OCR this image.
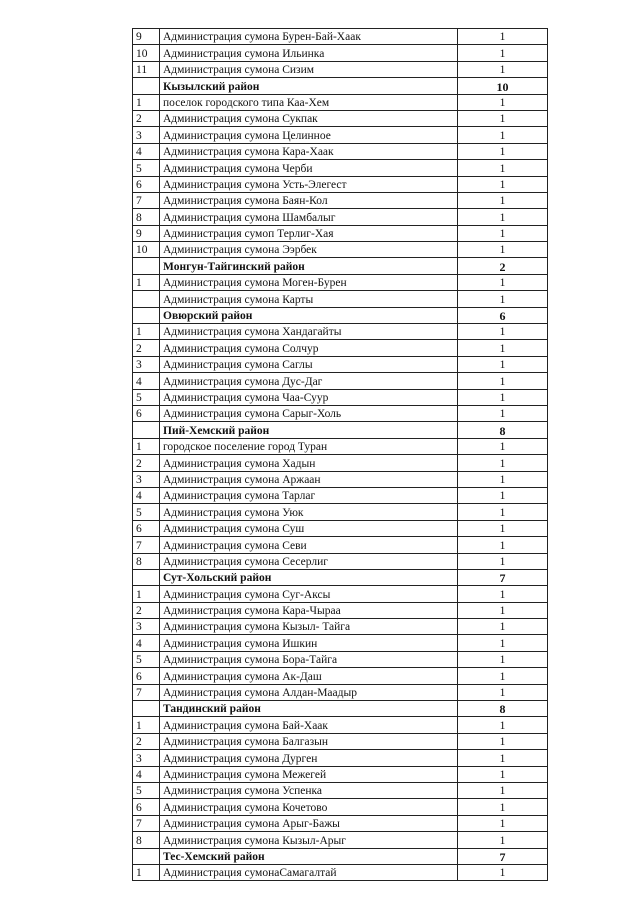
9	Администрация сумона Бурен-Бай-Хаак	1
10	Администрация сумона Ильинка	1
11	Администрация сумона Сизим	1
	Кызылский район	10
1	поселок городского типа Каа-Хем	1
2	Администрация сумона Сукпак	1
3	Администрация сумона Целинное	1
4	Администрация сумона Кара-Хаак	1
5	Администрация сумона Черби	1
6	Администрация сумона Усть-Элегест	1
7	Администрация сумона Баян-Кол	1
8	Администрация сумона Шамбалыг	1
9	Администрация сумоп Терлиг-Хая	1
10	Администрация сумона Ээрбек	1
	Монгун-Тайгинский район	2
1	Администрация сумона Моген-Бурен	1
	Администрация сумона Карты	1
	Овюрский район	6
1	Администрация сумона Хандагайты	1
2	Администрация сумона Солчур	1
3	Администрация сумона Саглы	1
4	Администрация сумона Дус-Даг	1
5	Администрация сумона Чаа-Суур	1
6	Администрация сумона Сарыг-Холь	1
	Пий-Хемский район	8
1	городское поселение город Туран	1
2	Администрация сумона Хадын	1
3	Администрация сумона Аржаан	1
4	Администрация сумона Тарлаг	1
5	Администрация сумона Уюк	1
6	Администрация сумона Суш	1
7	Администрация сумона Севи	1
8	Администрация сумона Сесерлиг	1
	Сут-Хольский район	7
1	Администрация сумона Суг-Аксы	1
2	Администрация сумона Кара-Чыраа	1
3	Администрация сумона Кызыл- Тайга	1
4	Администрация сумона Ишкин	1
5	Администрация сумона Бора-Тайга	1
6	Администрация сумона Ак-Даш	1
7	Администрация сумона Алдан-Маадыр	1
	Тандинский район	8
1	Администрация сумона Бай-Хаак	1
2	Администрация сумона Балгазын	1
3	Администрация сумона Дурген	1
4	Администрация сумона Межегей	1
5	Администрация сумона Успенка	1
6	Администрация сумона Кочетово	1
7	Администрация сумона Арыг-Бажы	1
8	Администрация сумона Кызыл-Арыг	1
	Тес-Хемский район	7
1	Администрация сумонаСамагалтай	1
